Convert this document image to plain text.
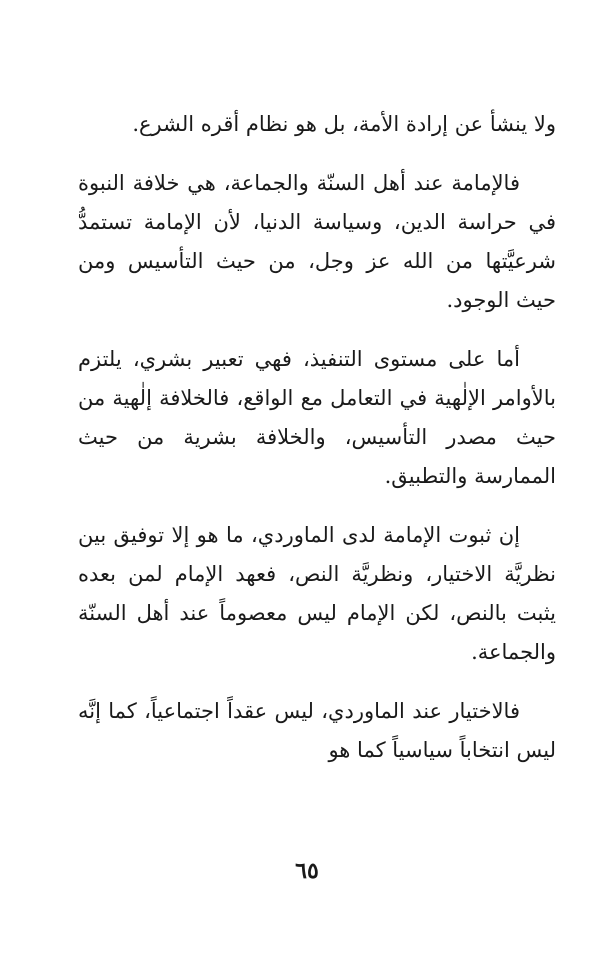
ولا ينشأ عن إرادة الأمة، بل هو نظام أقره الشرع.

فالإمامة عند أهل السنّة والجماعة، هي خلافة النبوة في حراسة الدين، وسياسة الدنيا، لأن الإمامة تستمدُّ شرعيَّتها من الله عز وجل، من حيث التأسيس ومن حيث الوجود.

أما على مستوى التنفيذ، فهي تعبير بشري، يلتزم بالأوامر الإلٰهية في التعامل مع الواقع، فالخلافة إلٰهية من حيث مصدر التأسيس، والخلافة بشرية من حيث الممارسة والتطبيق.

إن ثبوت الإمامة لدى الماوردي، ما هو إلا توفيق بين نظريَّة الاختيار، ونظريَّة النص، فعهد الإمام لمن بعده يثبت بالنص، لكن الإمام ليس معصوماً عند أهل السنّة والجماعة.

فالاختيار عند الماوردي، ليس عقداً اجتماعياً، كما إنَّه ليس انتخاباً سياسياً كما هو

٦٥
